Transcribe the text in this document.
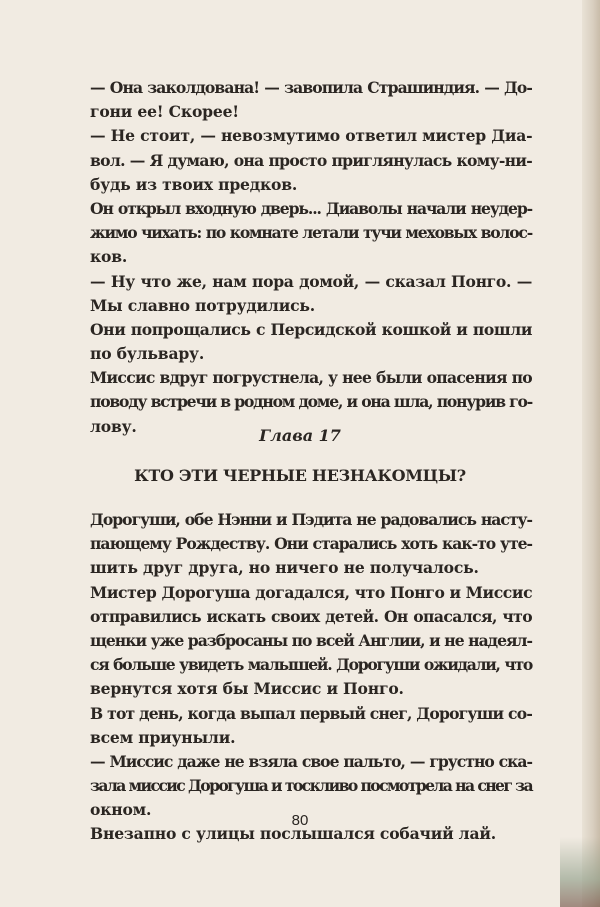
— Она заколдована! — завопила Страшиндия. — До-
гони ее! Скорее!
— Не стоит, — невозмутимо ответил мистер Диа-
вол. — Я думаю, она просто приглянулась кому-ни-
будь из твоих предков.
Он открыл входную дверь... Диаволы начали неудер-
жимо чихать: по комнате летали тучи меховых волос-
ков.
— Ну что же, нам пора домой, — сказал Понго. —
Мы славно потрудились.
Они попрощались с Персидской кошкой и пошли
по бульвару.
Миссис вдруг погрустнела, у нее были опасения по
поводу встречи в родном доме, и она шла, понурив го-
лову.	Глава 17
КТО ЭТИ ЧЕРНЫЕ НЕЗНАКОМЦЫ?
Дорогуши, обе Нэнни и Пэдита не радовались насту-
пающему Рождеству. Они старались хоть как-то уте-
шить друг друга, но ничего не получалось.
Мистер Дорогуша догадался, что Понго и Миссис
отправились искать своих детей. Он опасался, что
щенки уже разбросаны по всей Англии, и не надеял-
ся больше увидеть малышей. Дорогуши ожидали, что
вернутся хотя бы Миссис и Понго.
В тот день, когда выпал первый снег, Дорогуши со-
всем приуныли.
— Миссис даже не взяла свое пальто, — грустно ска-
зала миссис Дорогуша и тоскливо посмотрела на снег за
окном.
Внезапно с улицы послышался собачий лай.
80
